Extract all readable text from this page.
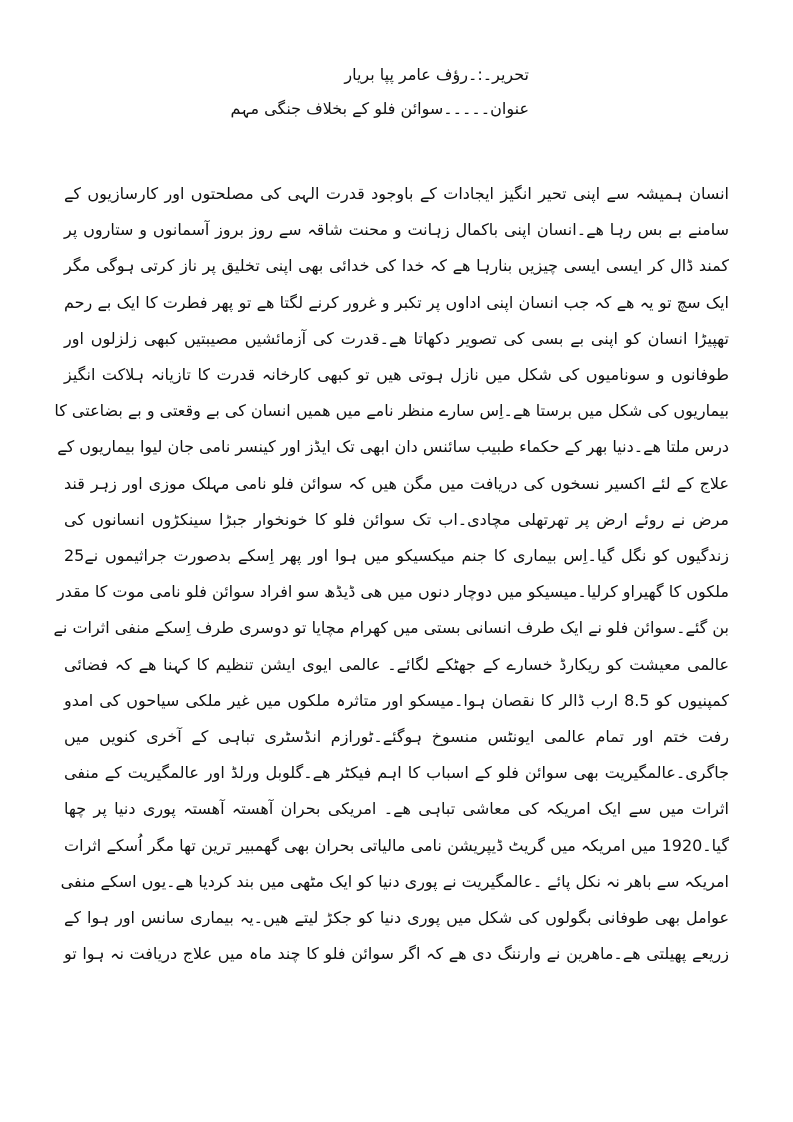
تحریر۔:۔رؤف عامر پپا بریار
عنوان۔۔۔۔۔سوائن فلو کے بخلاف جنگی مہم
انسان ہمیشہ سے اپنی تحیر انگیز ایجادات کے باوجود قدرت الہی کی مصلحتوں اور کارسازیوں کے
سامنے بے بس رہا ھے۔انسان اپنی باکمال زہانت و محنت شاقہ سے روز بروز آسمانوں و ستاروں پر
کمند ڈال کر ایسی ایسی چیزیں بنارہا ھے کہ خدا کی خدائی بھی اپنی تخلیق پر ناز کرتی ہوگی مگر
ایک سچ تو یہ ھے کہ جب انسان اپنی اداوں پر تکبر و غرور کرنے لگتا ھے تو پھر فطرت کا ایک بے رحم
تھپیڑا انسان کو اپنی بے بسی کی تصویر دکھاتا ھے۔قدرت کی آزمائشیں مصیبتیں کبھی زلزلوں اور
طوفانوں و سونامیوں کی شکل میں نازل ہوتی ھیں تو کبھی کارخانہ قدرت کا تازیانہ ہلاکت انگیز
بیماریوں کی شکل میں برستا ھے۔اِس سارے منظر نامے میں ھمیں انسان کی بے وقعتی و بے بضاعتی کا
درس ملتا ھے۔دنیا بھر کے حکماء طبیب سائنس دان ابھی تک ایڈز اور کینسر نامی جان لیوا بیماریوں کے
علاج کے لئے اکسیر نسخوں کی دریافت میں مگن ھیں کہ سوائن فلو نامی مہلک موزی اور زہر قند
مرض نے روئے ارض پر تھرتھلی مچادی۔اب تک سوائن فلو کا خونخوار جبڑا سینکڑوں انسانوں کی
زندگیوں کو نگل گیا۔اِس بیماری کا جنم میکسیکو میں ہوا اور پھر اِسکے بدصورت جراثیموں نے25
ملکوں کا گھیراو کرلیا۔میسیکو میں دوچار دنوں میں ھی ڈیڈھ سو افراد سوائن فلو نامی موت کا مقدر
بن گئے۔سوائن فلو نے ایک طرف انسانی بستی میں کھرام مچایا تو دوسری طرف اِسکے منفی اثرات نے
عالمی معیشت کو ریکارڈ خسارے کے جھٹکے لگائے۔ عالمی ایوی ایشن تنظیم کا کہنا ھے کہ فضائی
کمپنیوں کو 8.5 ارب ڈالر کا نقصان ہوا۔میسکو اور متاثرہ ملکوں میں غیر ملکی سیاحوں کی امدو
رفت ختم اور تمام عالمی ایونٹس منسوخ ہوگئے۔ٹورازم انڈسٹری تباہی کے آخری کنویں میں
جاگری۔عالمگیریت بھی سوائن فلو کے اسباب کا اہم فیکٹر ھے۔گلوبل ورلڈ اور عالمگیریت کے منفی
اثرات میں سے ایک امریکہ کی معاشی تباہی ھے۔ امریکی بحران آھستہ آھستہ پوری دنیا پر چھا
گیا۔1920 میں امریکہ میں گریٹ ڈیپریشن نامی مالیاتی بحران بھی گھمبیر ترین تھا مگر اُسکے اثرات
امریکہ سے باھر نہ نکل پائے ۔عالمگیریت نے پوری دنیا کو ایک مٹھی میں بند کردیا ھے۔یوں اسکے منفی
عوامل بھی طوفانی بگولوں کی شکل میں پوری دنیا کو جکڑ لیتے ھیں۔یہ بیماری سانس اور ہوا کے
زریعے پھیلتی ھے۔ماھرین نے وارننگ دی ھے کہ اگر سوائن فلو کا چند ماہ میں علاج دریافت نہ ہوا تو
